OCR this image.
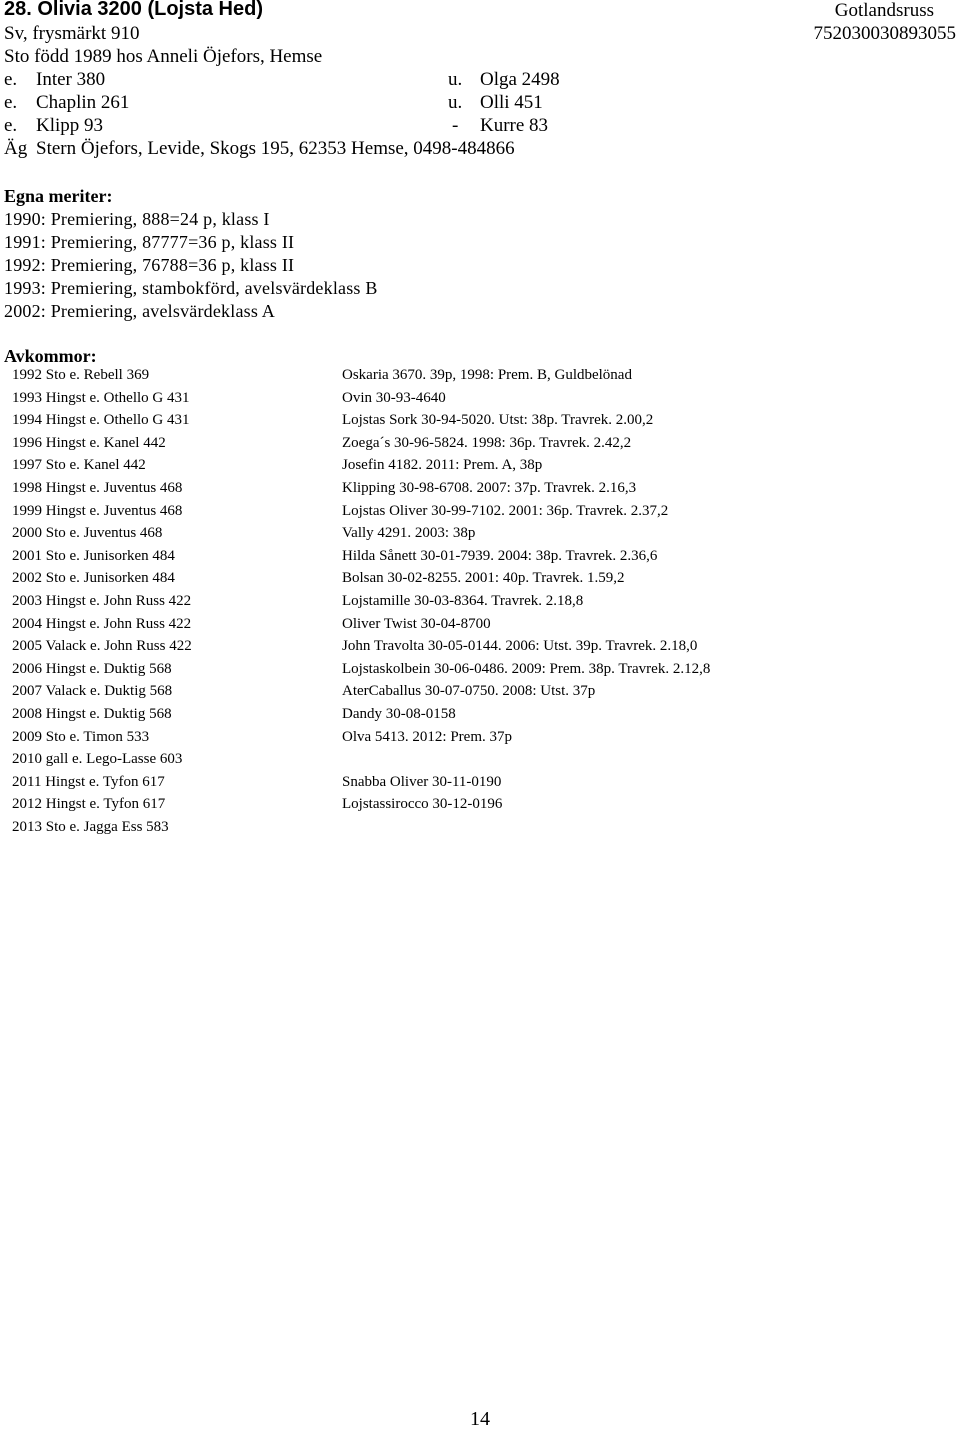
28. Olivia 3200 (Lojsta Hed)	Gotlandsruss
752030030893055
Sv, frysmärkt 910
Sto född 1989 hos Anneli Öjefors, Hemse
e. Inter 380	u. Olga 2498
e. Chaplin 261	u. Olli 451
e. Klipp 93	- Kurre 83
Äg Stern Öjefors, Levide, Skogs 195, 62353 Hemse, 0498-484866
Egna meriter:
1990: Premiering, 888=24 p, klass I
1991: Premiering, 87777=36 p, klass II
1992: Premiering, 76788=36 p, klass II
1993: Premiering, stambokförd, avelsvärdeklass B
2002: Premiering, avelsvärdeklass A
Avkommor:
1992 Sto e. Rebell 369	Oskaria 3670. 39p, 1998: Prem. B, Guldbelönad
1993 Hingst e. Othello G 431	Ovin 30-93-4640
1994 Hingst e. Othello G 431	Lojstas Sork 30-94-5020. Utst: 38p. Travrek. 2.00,2
1996 Hingst e. Kanel 442	Zoega´s 30-96-5824. 1998: 36p. Travrek. 2.42,2
1997 Sto e. Kanel 442	Josefin 4182. 2011: Prem. A, 38p
1998 Hingst e. Juventus 468	Klipping 30-98-6708. 2007: 37p. Travrek. 2.16,3
1999 Hingst e. Juventus 468	Lojstas Oliver 30-99-7102. 2001: 36p. Travrek. 2.37,2
2000 Sto e. Juventus 468	Vally 4291. 2003: 38p
2001 Sto e. Junisorken 484	Hilda Sånett 30-01-7939. 2004: 38p. Travrek. 2.36,6
2002 Sto e. Junisorken 484	Bolsan 30-02-8255. 2001: 40p. Travrek. 1.59,2
2003 Hingst e. John Russ 422	Lojstamille 30-03-8364. Travrek. 2.18,8
2004 Hingst e. John Russ 422	Oliver Twist 30-04-8700
2005 Valack e. John Russ 422	John Travolta 30-05-0144. 2006: Utst. 39p. Travrek. 2.18,0
2006 Hingst e. Duktig 568	Lojstaskolbein 30-06-0486. 2009: Prem. 38p. Travrek. 2.12,8
2007 Valack e. Duktig 568	AterCaballus 30-07-0750. 2008: Utst. 37p
2008 Hingst e. Duktig 568	Dandy 30-08-0158
2009 Sto e. Timon 533	Olva 5413. 2012: Prem. 37p
2010 gall e. Lego-Lasse 603
2011 Hingst e. Tyfon 617	Snabba Oliver 30-11-0190
2012 Hingst e. Tyfon 617	Lojstassirocco 30-12-0196
2013 Sto e. Jagga Ess 583
14
